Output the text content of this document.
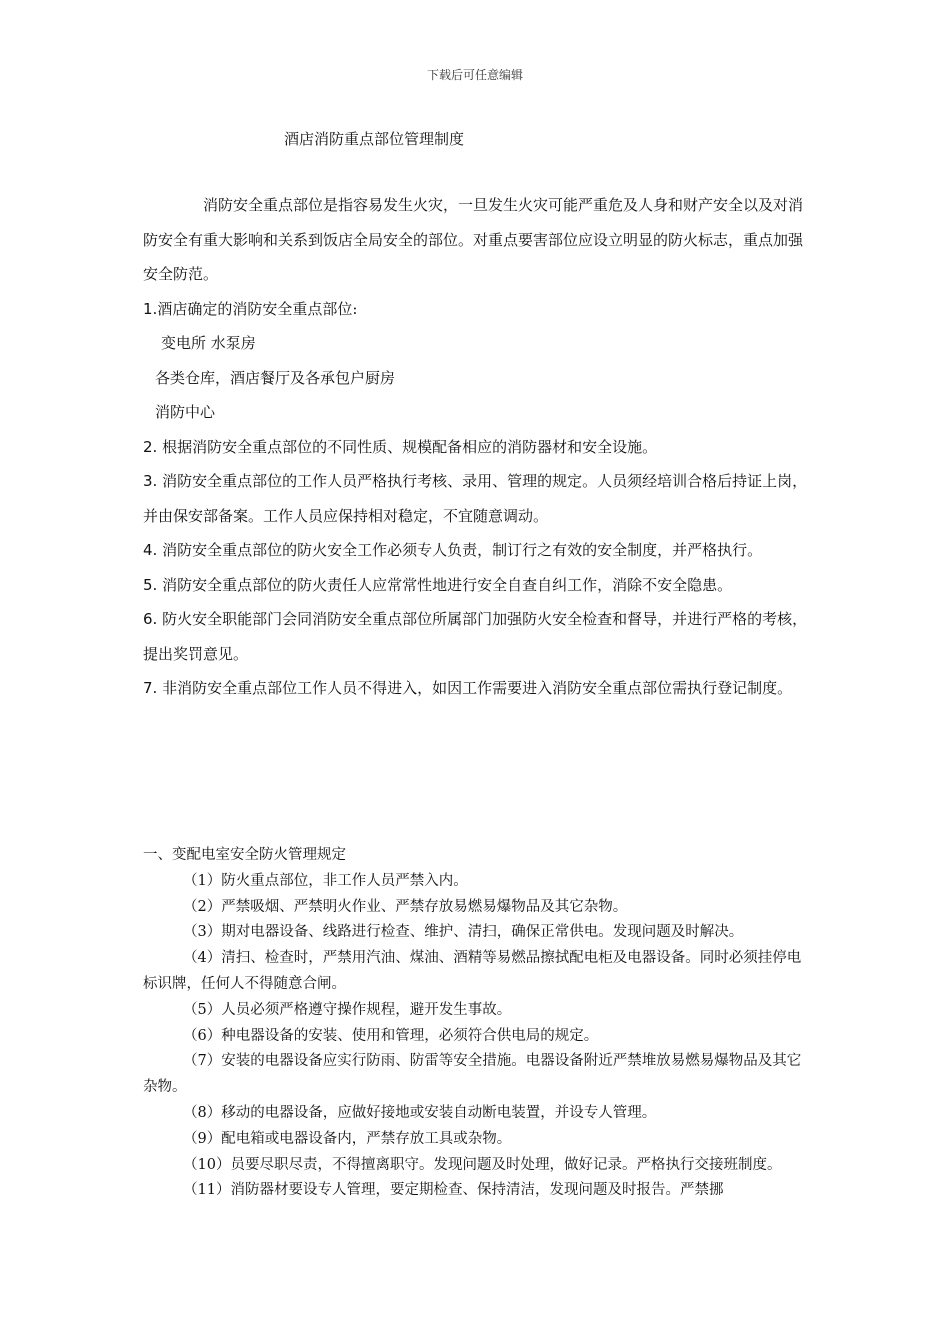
下载后可任意编辑
酒店消防重点部位管理制度

消防安全重点部位是指容易发生火灾，一旦发生火灾可能严重危及人身和财产安全以及对消防安全有重大影响和关系到饭店全局安全的部位。对重点要害部位应设立明显的防火标志，重点加强安全防范。

1.酒店确定的消防安全重点部位:

变电所 水泵房

各类仓库，酒店餐厅及各承包户厨房

消防中心

2. 根据消防安全重点部位的不同性质、规模配备相应的消防器材和安全设施。

3. 消防安全重点部位的工作人员严格执行考核、录用、管理的规定。人员须经培训合格后持证上岗，并由保安部备案。工作人员应保持相对稳定，不宜随意调动。

4. 消防安全重点部位的防火安全工作必须专人负责，制订行之有效的安全制度，并严格执行。

5. 消防安全重点部位的防火责任人应常常性地进行安全自查自纠工作，消除不安全隐患。

6. 防火安全职能部门会同消防安全重点部位所属部门加强防火安全检查和督导，并进行严格的考核，提出奖罚意见。

7. 非消防安全重点部位工作人员不得进入，如因工作需要进入消防安全重点部位需执行登记制度。

一、变配电室安全防火管理规定

（1）防火重点部位，非工作人员严禁入内。

（2）严禁吸烟、严禁明火作业、严禁存放易燃易爆物品及其它杂物。

（3）期对电器设备、线路进行检查、维护、清扫，确保正常供电。发现问题及时解决。

（4）清扫、检查时，严禁用汽油、煤油、酒精等易燃品擦拭配电柜及电器设备。同时必须挂停电标识牌，任何人不得随意合闸。

（5）人员必须严格遵守操作规程，避开发生事故。

（6）种电器设备的安装、使用和管理，必须符合供电局的规定。

（7）安装的电器设备应实行防雨、防雷等安全措施。电器设备附近严禁堆放易燃易爆物品及其它杂物。

（8）移动的电器设备，应做好接地或安装自动断电装置，并设专人管理。

（9）配电箱或电器设备内，严禁存放工具或杂物。

（10）员要尽职尽责，不得擅离职守。发现问题及时处理，做好记录。严格执行交接班制度。

（11）消防器材要设专人管理，要定期检查、保持清洁，发现问题及时报告。严禁挪
